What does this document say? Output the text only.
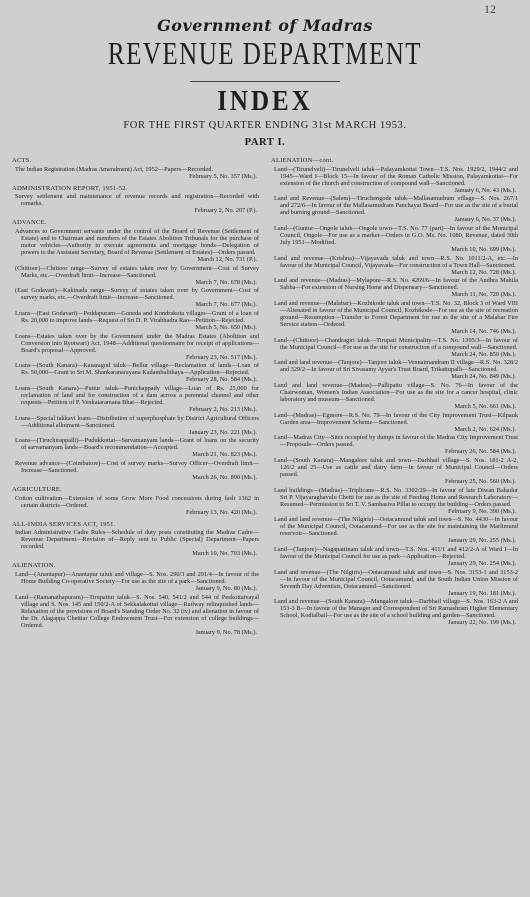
12
Government of Madras
REVENUE DEPARTMENT
INDEX
FOR THE FIRST QUARTER ENDING 31st MARCH 1953.
PART I.
ACTS.
The Indian Registration (Madras Amendment) Act, 1952—Papers—Recorded.
February 5, No. 357 (Ms.).
ADMINISTRATION REPORT, 1951-52.
Survey settlement and maintenance of revenue records and registration—Recorded with remarks.
February 2, No. 207 (P.).
ADVANCE.
Advances to Government servants under the control of the Board of Revenue (Settlement of Estate) and to Chairman and members of the Estates Abolition Tribunals for the purchase of motor vehicles—Authority to execute agreements and mortgage bonds—Delegation of powers to the Assistant Secretary, Board of Revenue (Settlement of Estates)—Orders passed.
March 12, No. 731 (P.).
(Chittoor)—Chittoor range—Survey of estates taken over by Government—Cost of Survey Marks, etc.—Overdraft limit—Increase—Sanctioned.
March 7, No. 678 (Ms.).
(East Godavari)—Kakinada range—Survey of estates taken over by Government—Cost of survey marks, etc.—Overdraft limit—Increase—Sanctioned.
March 7, No. 677 (Ms.).
Loans—(East Godavari)—Peddapuram—Goneda and Kondrakota villages—Grant of a loan of Rs. 20,000 to improve lands—Request of Sri D. P. Virabhadra Rao—Petition—Rejected.
March 5, No. 650 (Ms.).
Loans—Estates taken over by the Government under the Madras Estates (Abolition and Conversion into Ryotwari) Act, 1948—Additional questionnaire for receipt of applications—Board's proposal—Approved.
February 23, No. 517 (Ms.).
Loans—(South Kanara)—Kasaragod taluk—Bellur village—Reclamation of lands—Loan of Rs. 50,000—Grant to Sri M. Shankaranarayana Kadambalithaya—Application—Rejected.
February 28, No. 584 (Ms.).
Loans—(South Kanara)—Puttur taluk—Punichappady village—Loan of Rs. 25,000 for reclamation of land and for construction of a dam across a perennial channel and other requests—Petition of P. Venkataramana Bhat—Rejected.
February 2, No. 213 (Ms.).
Loans—Special takkavi loans—Distribution of superphosphate by District Agricultural Officers—Additional allotment—Sanctioned.
January 23, No. 221 (Ms.).
Loans—(Tiruchirappalli)—Pudukkottai—Sarvamanyam lands—Grant of loans on the security of sarvamanyam lands—Board's recommendation—Accepted.
March 21, No. 823 (Ms.).
Revenue advance—(Coimbatore)—Cost of survey marks—Survey Officer—Overdraft limit—Increase—Sanctioned.
March 26, No. 890 (Ms.).
AGRICULTURE.
Cotton cultivation—Extension of some Grow More Food concessions during fasli 1362 in certain districts—Ordered.
February 13, No. 420 (Ms.).
ALL-INDIA SERVICES ACT, 1951.
Indian Administrative Cadre Rules—Schedule of duty posts constituting the Madras Cadre—Revenue Department—Revision of—Reply sent to Public (Special) Department—Papers recorded.
March 10, No. 703 (Ms.).
ALIENATION.
Land—(Anantapur)—Anantapur taluk and village—S. Nos. 290/3 and 291/4—In favour of the Home Building Co-operative Society—For use as the site of a park—Sanctioned.
January 9, No. 80 (Ms.).
Land—(Ramanathapuram)—Tirupattur taluk—S. Nos. 540, 541/2 and 544 of Peekottaivayal village and S. Nos. 145 and 150/2-A of Sekkalakottai village—Railway relinquished lands—Relaxation of the provisions of Board's Standing Order No. 32 (iv) and alienation in favour of the Dr. Alagappa Chettiar College Endowment Trust—For extension of college buildings—Ordered.
January 9, No. 78 (Ms.).
ALIENATION—cont.
Land—(Tirunelveli)—Tirunelveli taluk—Palayamkottai Town—T.S. Nos. 1929/2, 1944/2 and 1945—Ward I—Block 15—In favour of the Roman Catholic Mission, Palayamkottai—For extension of the church and construction of compound wall—Sanctioned.
January 6, No. 43 (Ms.).
Land and Revenue—(Salem)—Tiruchengode taluk—Mallasamudram village—S. Nos. 267/1 and 272/6—In favour of the Mallasamudram Panchayat Board—For use as the site of a burial and burning ground—Sanctioned.
January 6, No. 37 (Ms.).
Land—(Guntur—Ongole taluk—Ongole town—T.S. No. 77 (part)—In favour of the Municipal Council, Ongole—For use as a market—Orders in G.O. Ms. No. 1080, Revenue, dated 30th July 1951—Modified.
March 10, No. 699 (Ms.).
Land and revenue—(Krishna)—Vijayavada taluk and town—R.S. No. 1011/2-A, etc.—In favour of the Municipal Council, Vijayavada—For construction of a Town Hall—Sanctioned.
March 12, No. 728 (Ms.).
Land and revenue—(Madras)—Mylapore—R.S. No. 4269/6—In favour of the Andhra Mahila Sabha—For extension of Nursing Home and Dispensary—Sanctioned.
March 11, No. 720 (Ms.).
Land and revenue—(Malabar)—Kozhikode taluk and town—T.S. No. 32, Block 3 of Ward VIII—Alienated in favour of the Municipal Council, Kozhikode—For use as the site of recreation ground—Resumption—Transfer to Forest Department for use as the site of a Malabar Fire Service station—Ordered.
March 14, No. 746 (Ms.).
Land—(Chittoor)—Chandragiri taluk—Tirupati Municipality—T.S. No. 1395/3—In favour of the Municipal Council—For use as the site for construction of a compound wall—Sanctioned.
March 24, No. 850 (Ms.).
Land and land revenue—(Tanjore)—Tanjore taluk—Vennaimandram II village—R.S. No. 328/2 and 329/2—In favour of Sri Sivasamy Ayyar's Trust Board, Trikattupalli—Sanctioned.
March 24, No. 849 (Ms.).
Land and land revenue—(Madras)—Pallipattu village—S. No. 76—In favour of the Chairwoman, Women's Indian Association—For use as the site for a cancer hospital, clinic laboratory and museum—Sanctioned.
March 5, No. 661 (Ms.).
Land—(Madras)—Egmore—R.S. No. 79—In favour of the City Improvement Trust—Kilpauk Garden area—Improvement Scheme—Sanctioned.
March 2, No. 624 (Ms.).
Land—Madras City—Sites occupied by dumps in favour of the Madras City Improvement Trust—Proposals—Orders passed.
February 26, No. 584 (Ms.).
Land—(South Kanara)—Mangalore taluk and town—Darbhail village—S. Nos. 181-2 A-2, 126/2 and 25—Use as cattle and dairy farm—In favour of Municipal Council—Orders passed.
February 25, No. 560 (Ms.).
Land buildings—(Madras)—Triplicane—R.S. No. 3302/29—In favour of late Diwan Bahadur Sri P. Vijayaraghavulu Chetti for use as the site of Feeding Home and Research Laboratory—Resumed—Permission to Sri T. V. Sambasiva Pillai to occupy the building—Orders passed.
February 9, No. 390 (Ms.).
Land and land revenue—(The Nilgiris)—Ootacamund taluk and town—S. No. 4430—In favour of the Municipal Council, Ootacamund—For use as the site for maintaining the Marlimund reservoir—Sanctioned.
January 29, No. 255 (Ms.).
Land—(Tanjore)—Nagapattinam taluk and town—T.S. Nos. 411/1 and 412/2-A of Ward I—In favour of the Municipal Council for use as park—Application—Rejected.
January 29, No. 254 (Ms.).
Land and revenue—(The Nilgiris)—Ootacamund taluk and town—S. Nos. 3153-1 and 3153-2—In favour of the Municipal Council, Ootacamund, and the South Indian Union Mission of Seventh Day Adventists, Ootacamund—Sanctioned.
January 19, No. 181 (Ms.).
Land and revenue—(South Kanara)—Mangalore taluk—Darbhail village—S. Nos. 163-2 A and 153-3 B—In favour of the Manager and Correspondent of Sri Ramashram Higher Elementary School, Kodialbail—For use as the site of a school building and garden—Sanctioned.
January 22, No. 199 (Ms.).
